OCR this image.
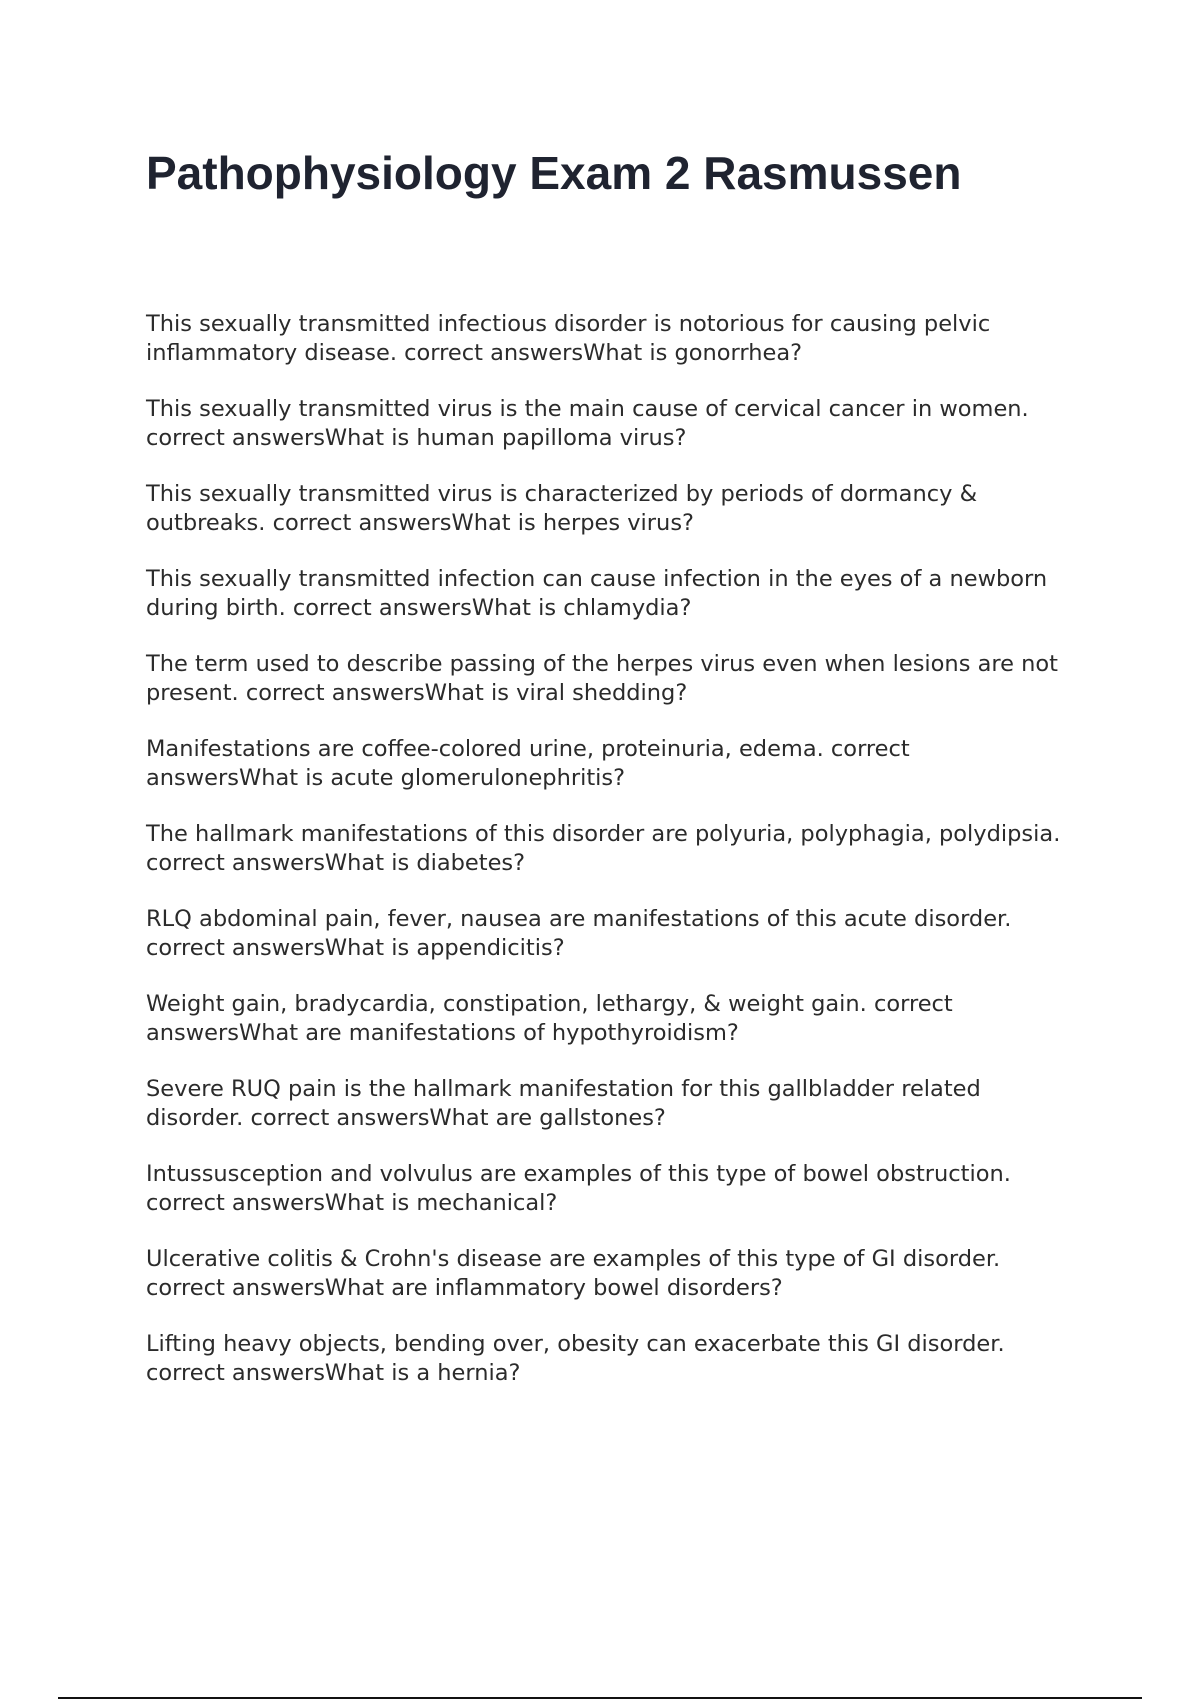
Pathophysiology Exam 2 Rasmussen
This sexually transmitted infectious disorder is notorious for causing pelvic inflammatory disease. correct answersWhat is gonorrhea?
This sexually transmitted virus is the main cause of cervical cancer in women. correct answersWhat is human papilloma virus?
This sexually transmitted virus is characterized by periods of dormancy & outbreaks. correct answersWhat is herpes virus?
This sexually transmitted infection can cause infection in the eyes of a newborn during birth. correct answersWhat is chlamydia?
The term used to describe passing of the herpes virus even when lesions are not present. correct answersWhat is viral shedding?
Manifestations are coffee-colored urine, proteinuria, edema. correct answersWhat is acute glomerulonephritis?
The hallmark manifestations of this disorder are polyuria, polyphagia, polydipsia. correct answersWhat is diabetes?
RLQ abdominal pain, fever, nausea are manifestations of this acute disorder. correct answersWhat is appendicitis?
Weight gain, bradycardia, constipation, lethargy, & weight gain. correct answersWhat are manifestations of hypothyroidism?
Severe RUQ pain is the hallmark manifestation for this gallbladder related disorder. correct answersWhat are gallstones?
Intussusception and volvulus are examples of this type of bowel obstruction. correct answersWhat is mechanical?
Ulcerative colitis & Crohn's disease are examples of this type of GI disorder. correct answersWhat are inflammatory bowel disorders?
Lifting heavy objects, bending over, obesity can exacerbate this GI disorder. correct answersWhat is a hernia?
